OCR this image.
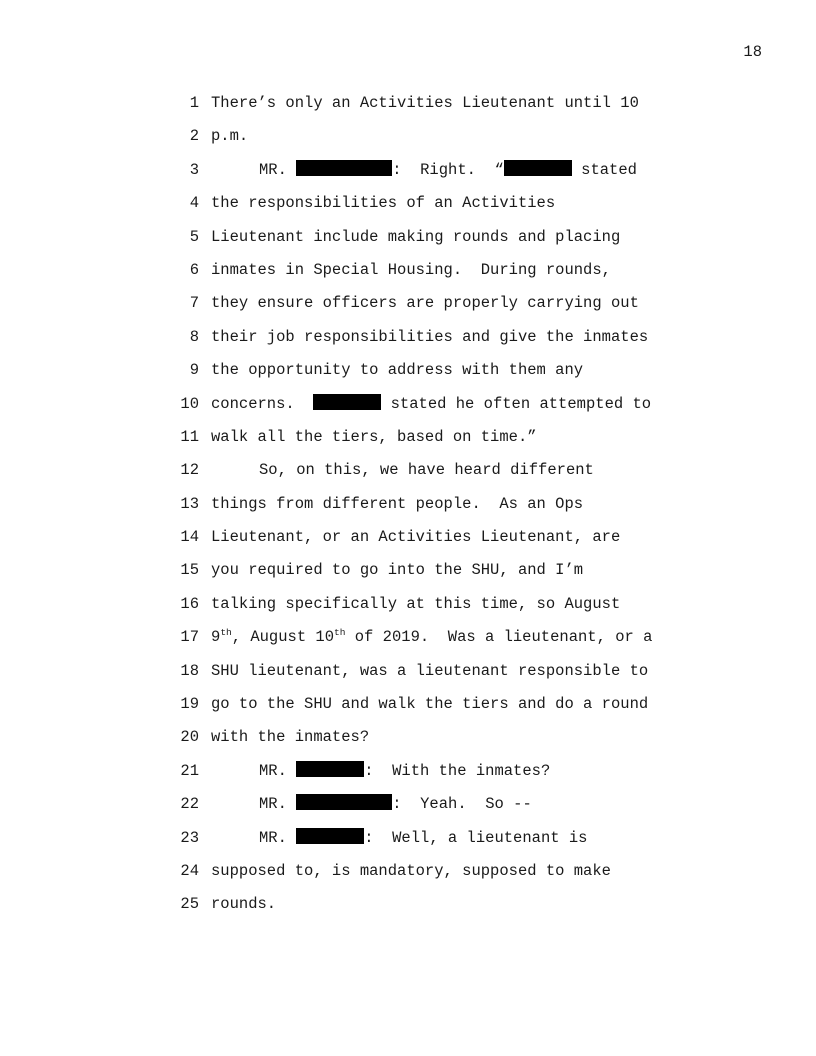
18
1 There’s only an Activities Lieutenant until 10
2 p.m.
3	MR.	:  Right.  “	stated
4 the responsibilities of an Activities
5 Lieutenant include making rounds and placing
6 inmates in Special Housing.  During rounds,
7 they ensure officers are properly carrying out
8 their job responsibilities and give the inmates
9 the opportunity to address with them any
10 concerns.	stated he often attempted to
11 walk all the tiers, based on time.”
12	So, on this, we have heard different
13 things from different people.  As an Ops
14 Lieutenant, or an Activities Lieutenant, are
15 you required to go into the SHU, and I’m
16 talking specifically at this time, so August
17 9th, August 10th of 2019.  Was a lieutenant, or a
18 SHU lieutenant, was a lieutenant responsible to
19 go to the SHU and walk the tiers and do a round
20 with the inmates?
21	MR.	:  With the inmates?
22	MR.	:  Yeah.  So --
23	MR.	:  Well, a lieutenant is
24 supposed to, is mandatory, supposed to make
25 rounds.
